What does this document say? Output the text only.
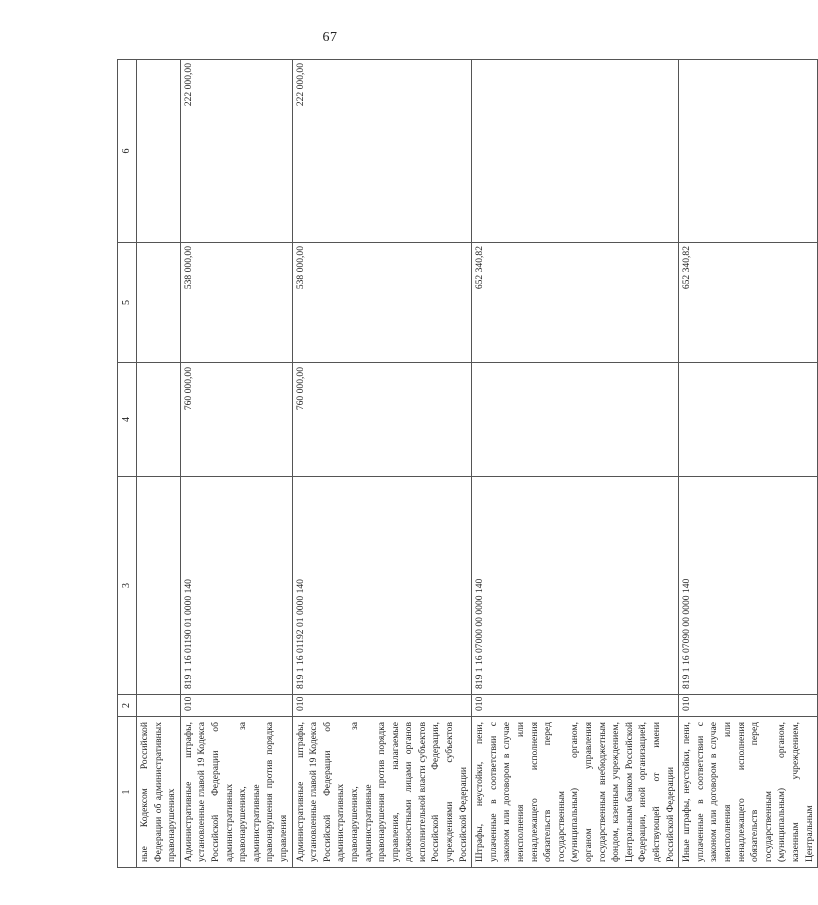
67
1	2	3	4	5	6
ные Кодексом Российской Федерации об административных правонарушениях					
Административные штрафы, установленные главой 19 Кодекса Российской Федерации об административных правонарушениях, за административные правонарушения против порядка управления	010	819 1 16 01190 01 0000 140	760 000,00	538 000,00	222 000,00
Административные штрафы, установленные главой 19 Кодекса Российской Федерации об административных правонарушениях, за административные правонарушения против порядка управления, налагаемые должностными лицами органов исполнительной власти субъектов Российской Федерации, учреждениями субъектов Российской Федерации	010	819 1 16 01192 01 0000 140	760 000,00	538 000,00	222 000,00
Штрафы, неустойки, пени, уплаченные в соответствии с законом или договором в случае неисполнения или ненадлежащего исполнения обязательств перед государственным (муниципальным) органом, органом управления государственным внебюджетным фондом, казенным учреждением, Центральным банком Российской Федерации, иной организацией, действующей от имени Российской Федерации	010	819 1 16 07000 00 0000 140		652 340,82	
Иные штрафы, неустойки, пени, уплаченные в соответствии с законом или договором в случае неисполнения или ненадлежащего исполнения обязательств перед государственным (муниципальным) органом, казенным учреждением, Центральным	010	819 1 16 07090 00 0000 140		652 340,82	
